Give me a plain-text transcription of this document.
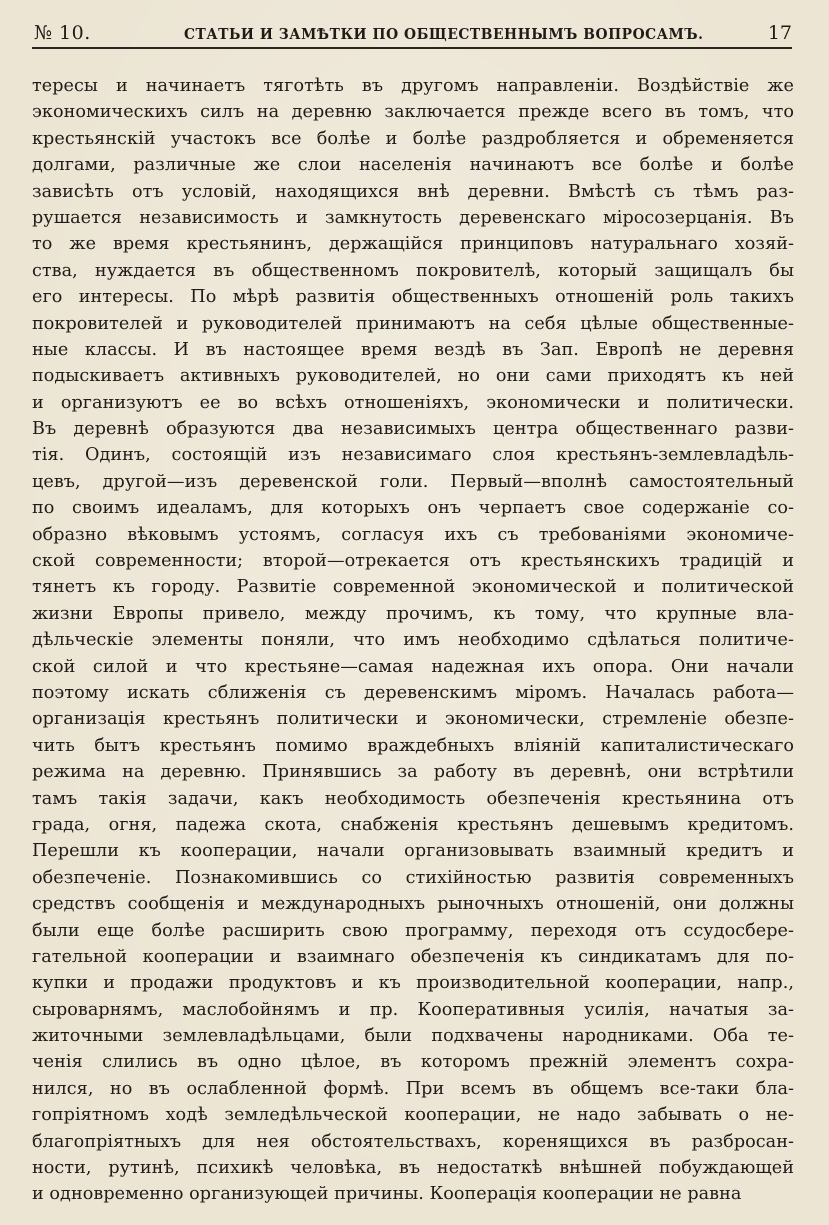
№ 10.	СТАТЬИ И ЗАМѢТКИ ПО ОБЩЕСТВЕННЫМЪ ВОПРОСАМЪ.	17
тересы и начинаетъ тяготѣть въ другомъ направленіи. Воздѣйствіе же
экономическихъ силъ на деревню заключается прежде всего въ томъ, что
крестьянскій участокъ все болѣе и болѣе раздробляется и обременяется
долгами, различные же слои населенія начинаютъ все болѣе и болѣе
зависѣть отъ условій, находящихся внѣ деревни. Вмѣстѣ съ тѣмъ раз-
рушается независимость и замкнутость деревенскаго міросозерцанія. Въ
то же время крестьянинъ, держащійся принциповъ натуральнаго хозяй-
ства, нуждается въ общественномъ покровителѣ, который защищалъ бы
его интересы. По мѣрѣ развитія общественныхъ отношеній роль такихъ
покровителей и руководителей принимаютъ на себя цѣлые общественные-
ные классы. И въ настоящее время вездѣ въ Зап. Европѣ не деревня
подыскиваетъ активныхъ руководителей, но они сами приходятъ къ ней
и организуютъ ее во всѣхъ отношеніяхъ, экономически и политически.
Въ деревнѣ образуются два независимыхъ центра общественнаго разви-
тія. Одинъ, состоящій изъ независимаго слоя крестьянъ-землевладѣль-
цевъ, другой—изъ деревенской голи. Первый—вполнѣ самостоятельный
по своимъ идеаламъ, для которыхъ онъ черпаетъ свое содержаніе со-
образно вѣковымъ устоямъ, согласуя ихъ съ требованіями экономиче-
ской современности; второй—отрекается отъ крестьянскихъ традицій и
тянетъ къ городу. Развитіе современной экономической и политической
жизни Европы привело, между прочимъ, къ тому, что крупные вла-
дѣльческіе элементы поняли, что имъ необходимо сдѣлаться политиче-
ской силой и что крестьяне—самая надежная ихъ опора. Они начали
поэтому искать сближенія съ деревенскимъ міромъ. Началась работа—
организація крестьянъ политически и экономически, стремленіе обезпе-
чить бытъ крестьянъ помимо враждебныхъ вліяній капиталистическаго
режима на деревню. Принявшись за работу въ деревнѣ, они встрѣтили
тамъ такія задачи, какъ необходимость обезпеченія крестьянина отъ
града, огня, падежа скота, снабженія крестьянъ дешевымъ кредитомъ.
Перешли къ кооперации, начали организовывать взаимный кредитъ и
обезпеченіе. Познакомившись со стихійностью развитія современныхъ
средствъ сообщенія и международныхъ рыночныхъ отношеній, они должны
были еще болѣе расширить свою программу, переходя отъ ссудосбере-
гательной кооперации и взаимнаго обезпеченія къ синдикатамъ для по-
купки и продажи продуктовъ и къ производительной кооперации, напр.,
сыроварнямъ, маслобойнямъ и пр. Кооперативныя усилія, начатыя за-
житочными землевладѣльцами, были подхвачены народниками. Оба те-
ченія слились въ одно цѣлое, въ которомъ прежній элементъ сохра-
нился, но въ ослабленной формѣ. При всемъ въ общемъ все-таки бла-
гопріятномъ ходѣ земледѣльческой кооперации, не надо забывать о не-
благопріятныхъ для нея обстоятельствахъ, коренящихся въ разбросан-
ности, рутинѣ, психикѣ человѣка, въ недостаткѣ внѣшней побуждающей
и одновременно организующей причины. Кооперація кооперации не равна
